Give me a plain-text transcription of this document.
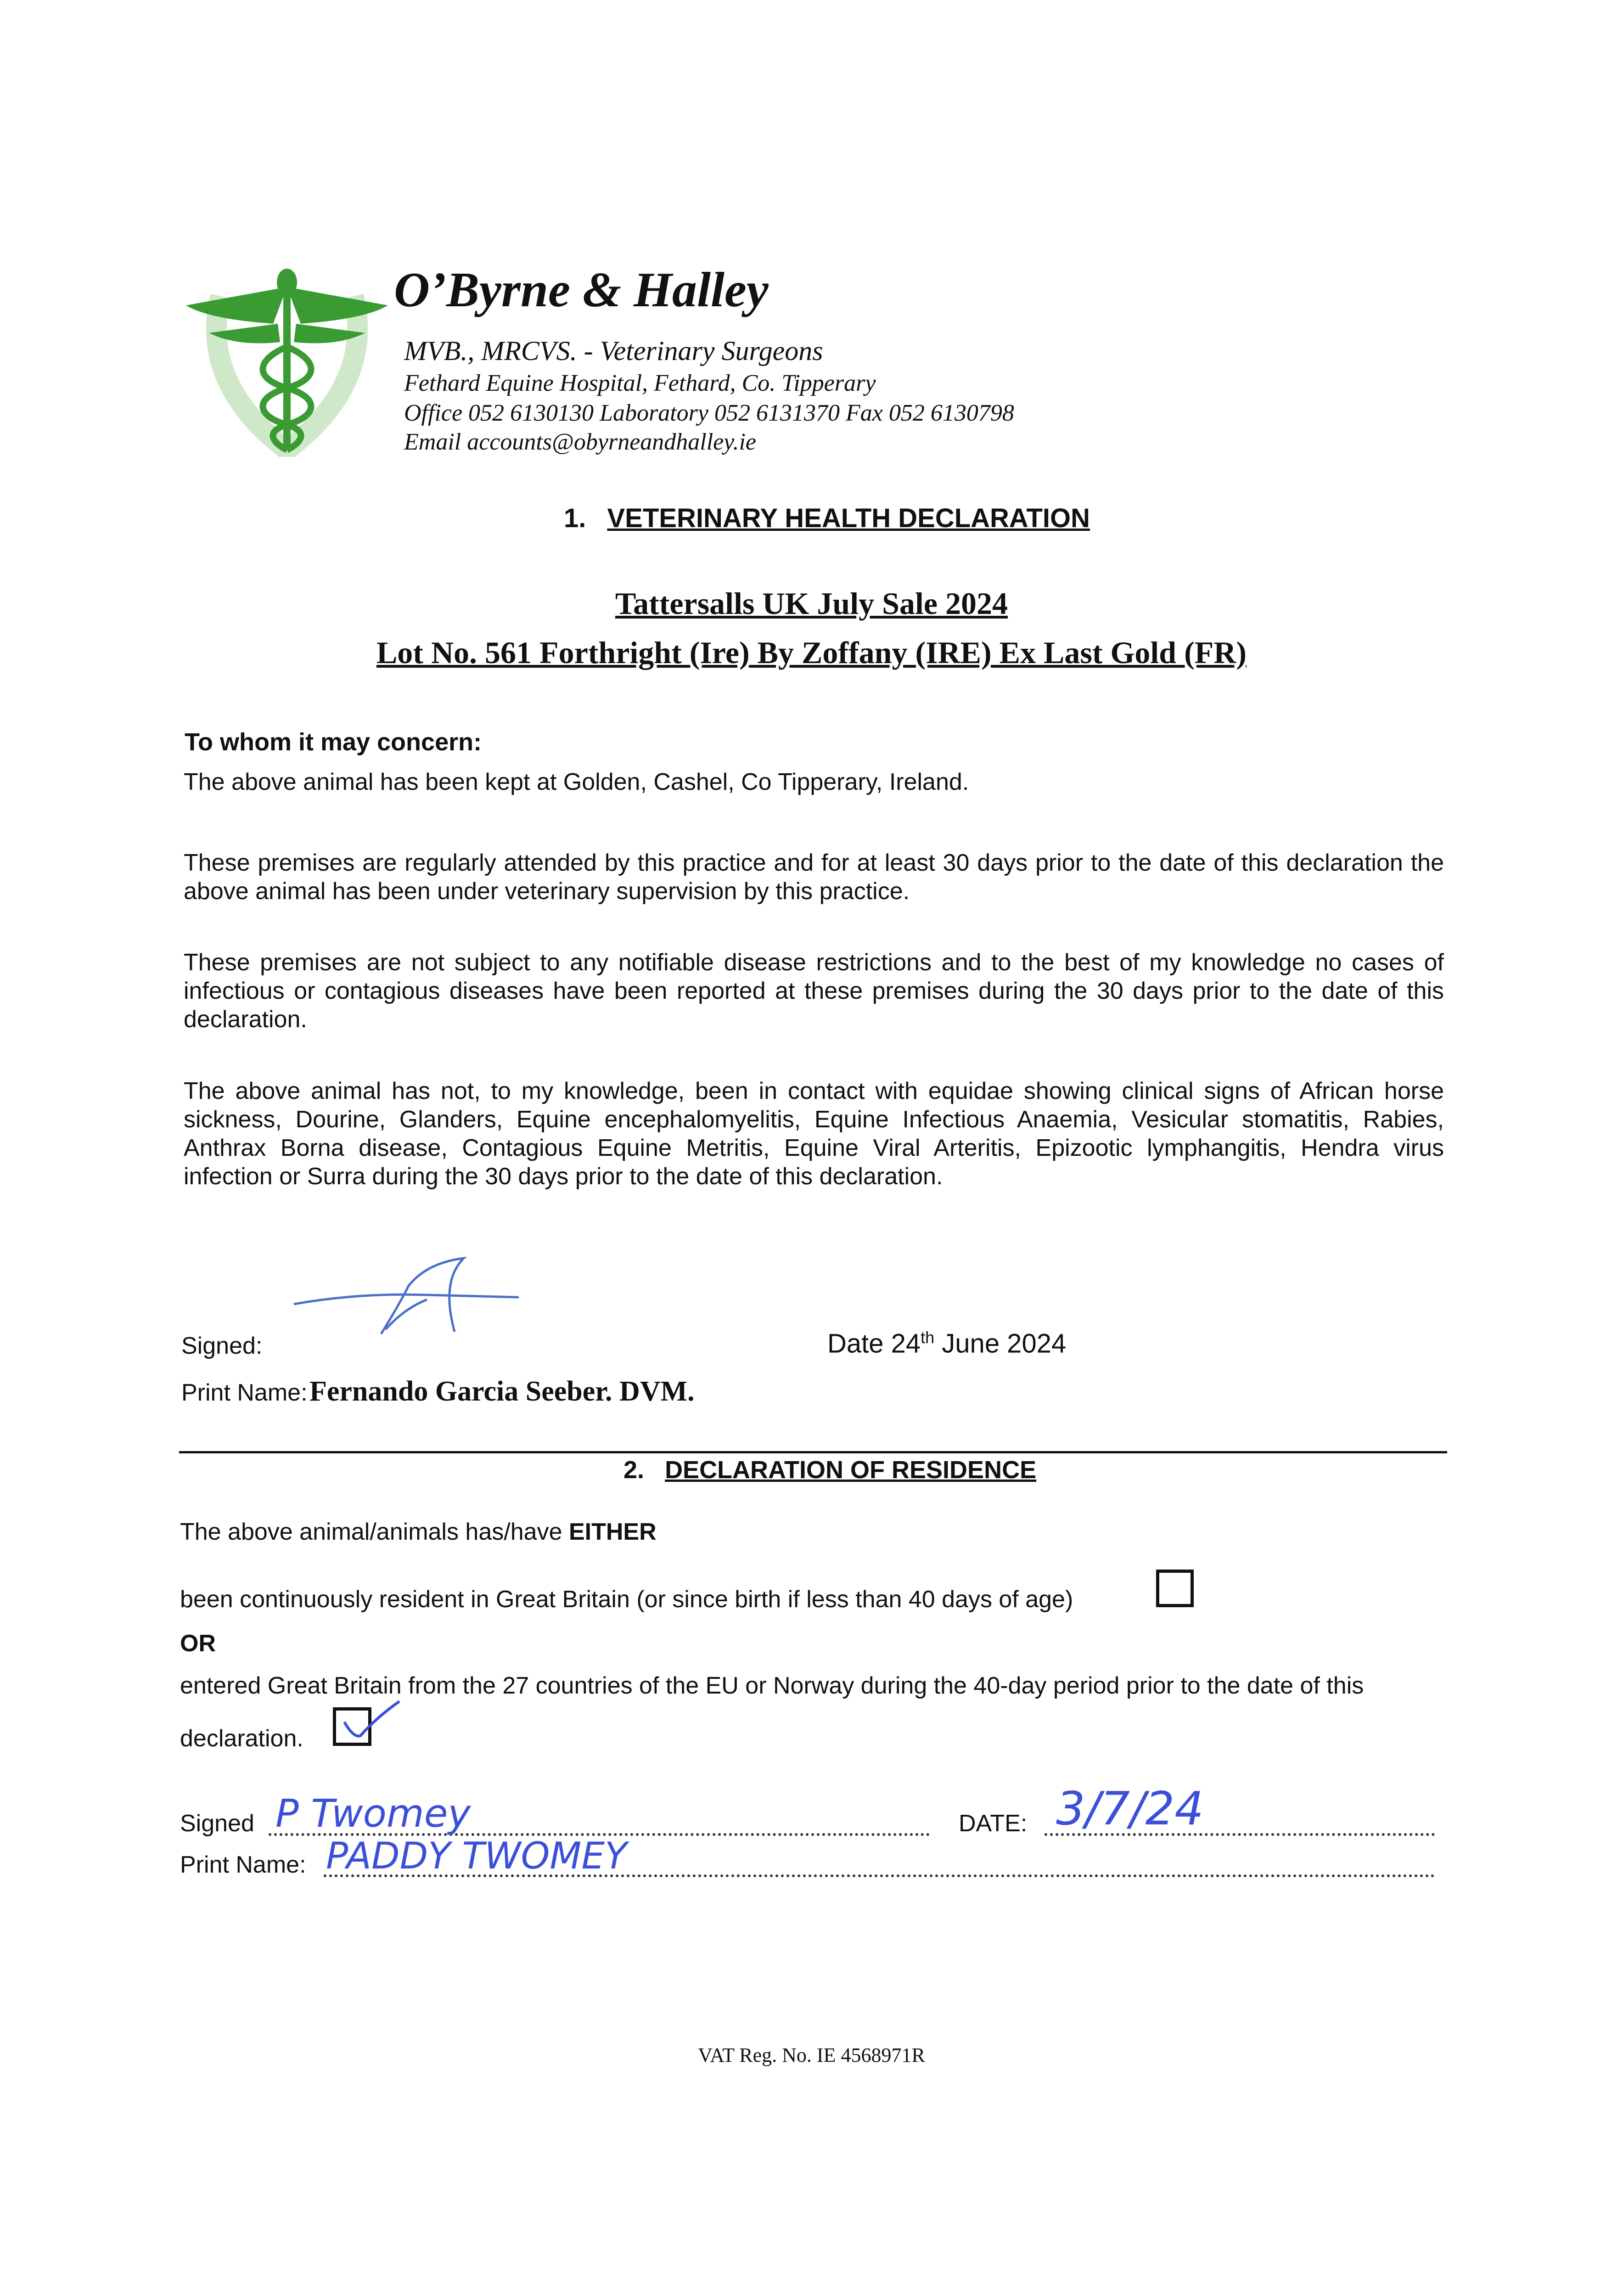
O’Byrne & Halley
MVB., MRCVS. - Veterinary Surgeons
Fethard Equine Hospital, Fethard, Co. Tipperary
Office 052 6130130 Laboratory 052 6131370 Fax 052 6130798
Email accounts@obyrneandhalley.ie
1. VETERINARY HEALTH DECLARATION
Tattersalls UK July Sale 2024
Lot No. 561 Forthright (Ire) By Zoffany (IRE) Ex Last Gold (FR)
To whom it may concern:
The above animal has been kept at Golden, Cashel, Co Tipperary, Ireland.
These premises are regularly attended by this practice and for at least 30 days prior to the date of this declaration the above animal has been under veterinary supervision by this practice.
These premises are not subject to any notifiable disease restrictions and to the best of my knowledge no cases of infectious or contagious diseases have been reported at these premises during the 30 days prior to the date of this declaration.
The above animal has not, to my knowledge, been in contact with equidae showing clinical signs of African horse sickness, Dourine, Glanders, Equine encephalomyelitis, Equine Infectious Anaemia, Vesicular stomatitis, Rabies, Anthrax Borna disease, Contagious Equine Metritis, Equine Viral Arteritis, Epizootic lymphangitis, Hendra virus infection or Surra during the 30 days prior to the date of this declaration.
Signed:	Date 24th June 2024
Print Name: Fernando Garcia Seeber. DVM.
2. DECLARATION OF RESIDENCE
The above animal/animals has/have EITHER
been continuously resident in Great Britain (or since birth if less than 40 days of age)
OR
entered Great Britain from the 27 countries of the EU or Norway during the 40-day period prior to the date of this
declaration.
Signed P Twomey	DATE: 3/7/24
Print Name: PADDY TWOMEY
VAT Reg. No. IE 4568971R
